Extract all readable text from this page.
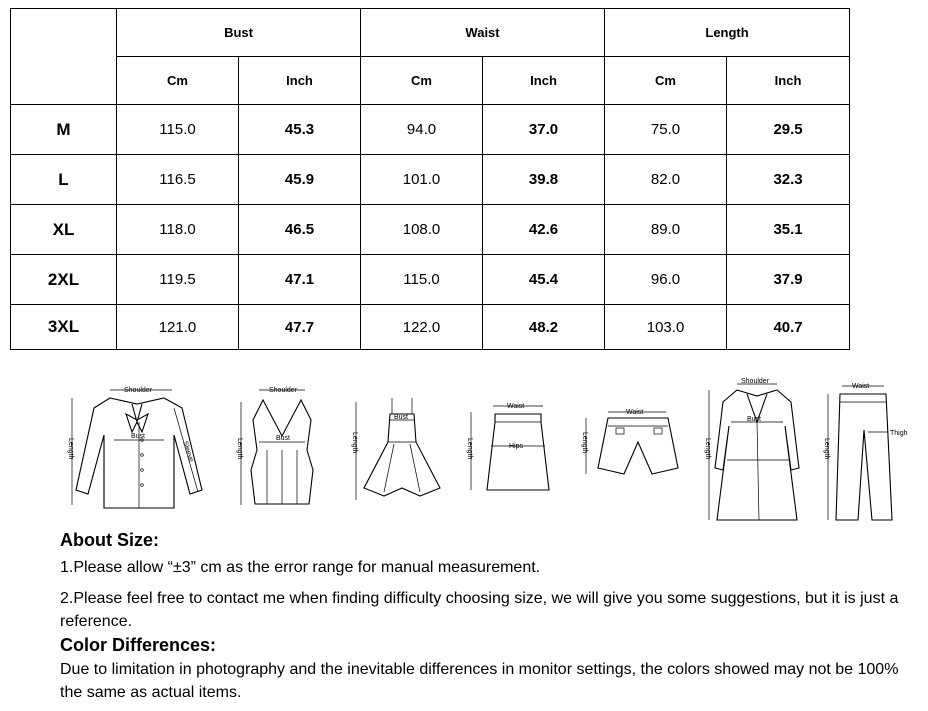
	Bust		Waist		Length	
	Cm	Inch	Cm	Inch	Cm	Inch
M	115.0	45.3	94.0	37.0	75.0	29.5
L	116.5	45.9	101.0	39.8	82.0	32.3
XL	118.0	46.5	108.0	42.6	89.0	35.1
2XL	119.5	47.1	115.0	45.4	96.0	37.9
3XL	121.0	47.7	122.0	48.2	103.0	40.7
Shoulder
Length
Bust
Sleeve
Shoulder
Length	Bust	Length
Bust
Waist
Length	Hips
Waist
Length
Shoulder
Length
Bust
Waist
Length
Thigh
About Size:
1.Please allow “±3” cm as the error range for manual measurement.
2.Please feel free to contact me when finding difficulty choosing size, we will give you some suggestions, but it is just a reference.
Color Differences:
Due to limitation in photography and the inevitable differences in monitor settings, the colors showed may not be 100% the same as actual items.
